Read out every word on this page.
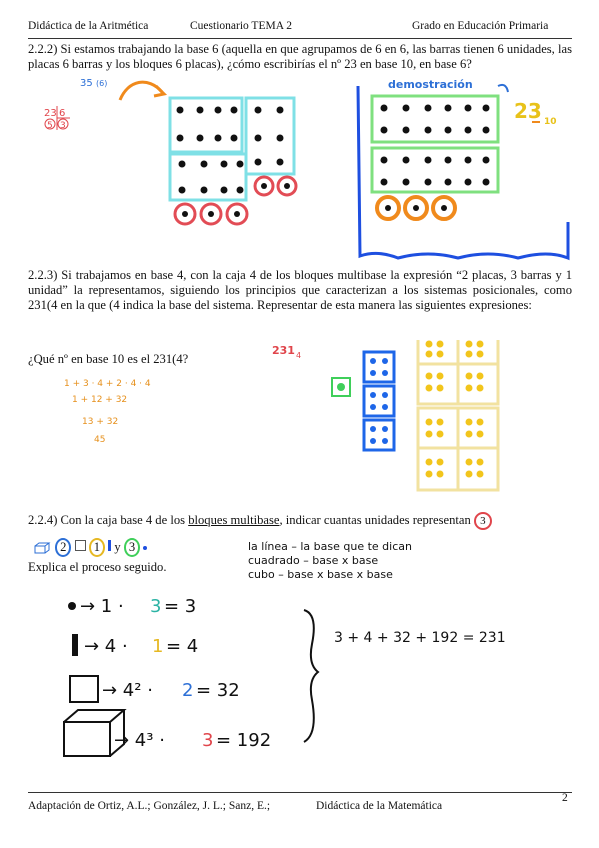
Didáctica de la Aritmética	Cuestionario TEMA 2	Grado en Educación Primaria
2.2.2) Si estamos trabajando la base 6 (aquella en que agrupamos de 6 en 6, las barras tienen 6 unidades, las placas 6 barras y los bloques 6 placas), ¿cómo escribirías el nº 23 en base 10, en base 6?
35 (6)
23 6
5 3
demostración
23 10
2.2.3) Si trabajamos en base 4, con la caja 4 de los bloques multibase la expresión “2 placas, 3 barras y 1 unidad” la representamos, siguiendo los principios que caracterizan a los sistemas posicionales, como 231(4 en la que (4 indica la base del sistema. Representar de esta manera las siguientes expresiones:
¿Qué nº en base 10 es el 231(4?
1 + 3 · 4 + 2 · 4 · 4
1 + 12 + 32
13 + 32
45
231 4
2.2.4) Con la caja base 4 de los bloques multibase, indicar cuantas unidades representan 3
2 1 y 3
Explica el proceso seguido.
la línea – la base que te dican
cuadrado – base x base
cubo – base x base x base
→ 1 · 3 = 3
→ 4 · 1 = 4
→ 4² · 2 = 32
→ 4³ · 3 = 192
3 + 4 + 32 + 192 = 231
Adaptación de Ortiz, A.L.; González, J. L.; Sanz, E.;	Didáctica de la Matemática
2
